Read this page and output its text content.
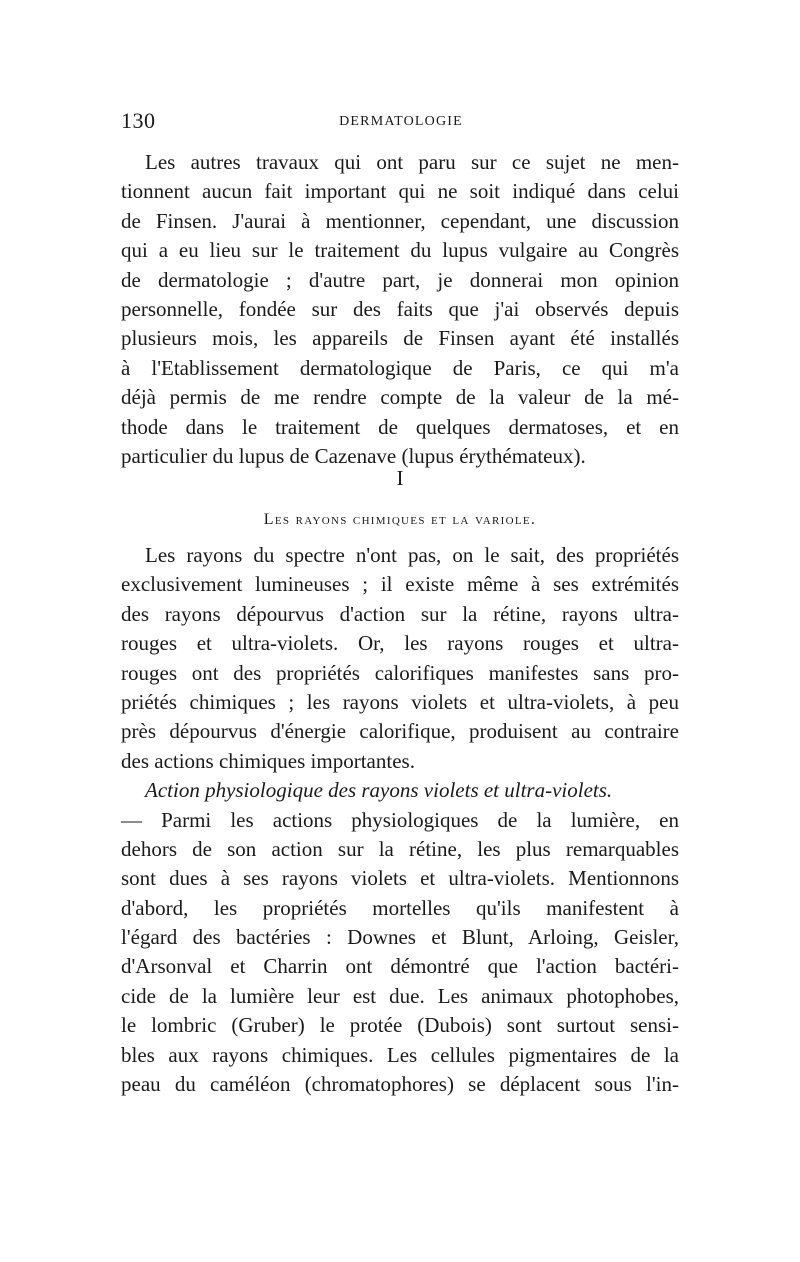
130	DERMATOLOGIE
Les autres travaux qui ont paru sur ce sujet ne men-
tionnent aucun fait important qui ne soit indiqué dans celui
de Finsen. J'aurai à mentionner, cependant, une discussion
qui a eu lieu sur le traitement du lupus vulgaire au Congrès
de dermatologie ; d'autre part, je donnerai mon opinion
personnelle, fondée sur des faits que j'ai observés depuis
plusieurs mois, les appareils de Finsen ayant été installés
à l'Etablissement dermatologique de Paris, ce qui m'a
déjà permis de me rendre compte de la valeur de la mé-
thode dans le traitement de quelques dermatoses, et en
particulier du lupus de Cazenave (lupus érythémateux).
I
Les rayons chimiques et la variole.
Les rayons du spectre n'ont pas, on le sait, des propriétés
exclusivement lumineuses ; il existe même à ses extrémités
des rayons dépourvus d'action sur la rétine, rayons ultra-
rouges et ultra-violets. Or, les rayons rouges et ultra-
rouges ont des propriétés calorifiques manifestes sans pro-
priétés chimiques ; les rayons violets et ultra-violets, à peu
près dépourvus d'énergie calorifique, produisent au contraire
des actions chimiques importantes.
Action physiologique des rayons violets et ultra-violets.
— Parmi les actions physiologiques de la lumière, en
dehors de son action sur la rétine, les plus remarquables
sont dues à ses rayons violets et ultra-violets. Mentionnons
d'abord, les propriétés mortelles qu'ils manifestent à
l'égard des bactéries : Downes et Blunt, Arloing, Geisler,
d'Arsonval et Charrin ont démontré que l'action bactéri-
cide de la lumière leur est due. Les animaux photophobes,
le lombric (Gruber) le protée (Dubois) sont surtout sensi-
bles aux rayons chimiques. Les cellules pigmentaires de la
peau du caméléon (chromatophores) se déplacent sous l'in-
